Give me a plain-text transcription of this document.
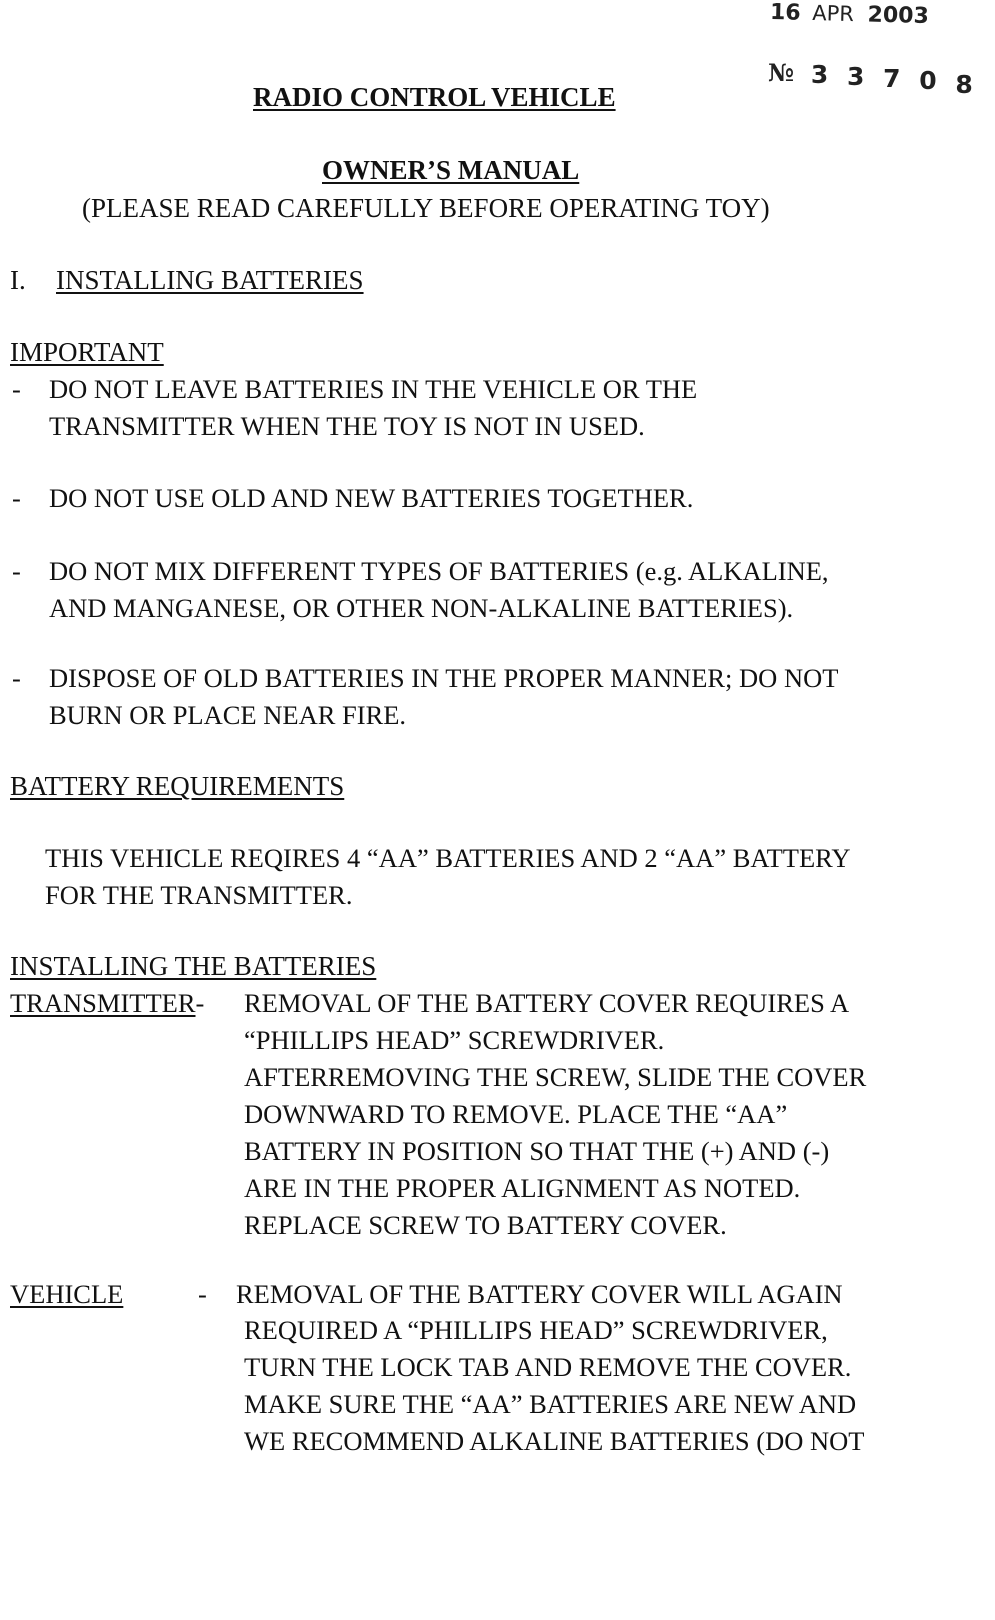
16 APR 2003
№ 3 3 7 0 8
RADIO CONTROL VEHICLE
OWNER’S MANUAL
(PLEASE READ CAREFULLY BEFORE OPERATING TOY)
I. INSTALLING BATTERIES
IMPORTANT
- DO NOT LEAVE BATTERIES IN THE VEHICLE OR THE
TRANSMITTER WHEN THE TOY IS NOT IN USED.
- DO NOT USE OLD AND NEW BATTERIES TOGETHER.
- DO NOT MIX DIFFERENT TYPES OF BATTERIES (e.g. ALKALINE,
AND MANGANESE, OR OTHER NON-ALKALINE BATTERIES).
- DISPOSE OF OLD BATTERIES IN THE PROPER MANNER; DO NOT
BURN OR PLACE NEAR FIRE.
BATTERY REQUIREMENTS
THIS VEHICLE REQIRES 4 “AA” BATTERIES AND 2 “AA” BATTERY
FOR THE TRANSMITTER.
INSTALLING THE BATTERIES
TRANSMITTER- REMOVAL OF THE BATTERY COVER REQUIRES A
“PHILLIPS HEAD” SCREWDRIVER.
AFTERREMOVING THE SCREW, SLIDE THE COVER
DOWNWARD TO REMOVE. PLACE THE “AA”
BATTERY IN POSITION SO THAT THE (+) AND (-)
ARE IN THE PROPER ALIGNMENT AS NOTED.
REPLACE SCREW TO BATTERY COVER.
VEHICLE	- REMOVAL OF THE BATTERY COVER WILL AGAIN
REQUIRED A “PHILLIPS HEAD” SCREWDRIVER,
TURN THE LOCK TAB AND REMOVE THE COVER.
MAKE SURE THE “AA” BATTERIES ARE NEW AND
WE RECOMMEND ALKALINE BATTERIES (DO NOT
